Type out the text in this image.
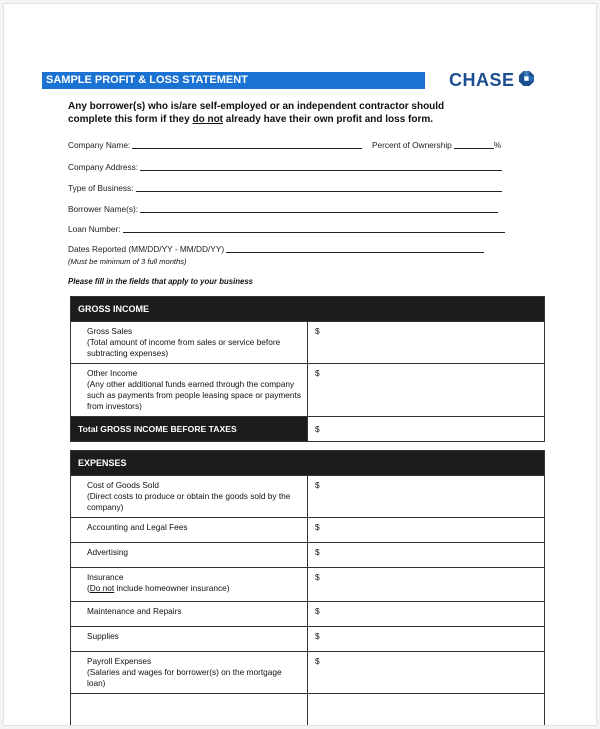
SAMPLE PROFIT & LOSS STATEMENT	CHASE
Any borrower(s) who is/are self-employed or an independent contractor should
complete this form if they do not already have their own profit and loss form.
Company Name:	Percent of Ownership	%
Company Address:
Type of Business:
Borrower Name(s):
Loan Number:
Dates Reported (MM/DD/YY - MM/DD/YY)
(Must be minimum of 3 full months)
Please fill in the fields that apply to your business
GROSS INCOME	

Gross Sales
(Total amount of income from sales or service before subtracting expenses)	$

Other Income
(Any other additional funds earned through the company such as payments from people leasing space or payments from investors)	$
Total GROSS INCOME BEFORE TAXES	$
EXPENSES	

Cost of Goods Sold
(Direct costs to produce or obtain the goods sold by the company)	$
Accounting and Legal Fees	$
Advertising	$

Insurance
(Do not include homeowner insurance)	$
Maintenance and Repairs	$
Supplies	$

Payroll Expenses
(Salaries and wages for borrower(s) on the mortgage loan)	$
